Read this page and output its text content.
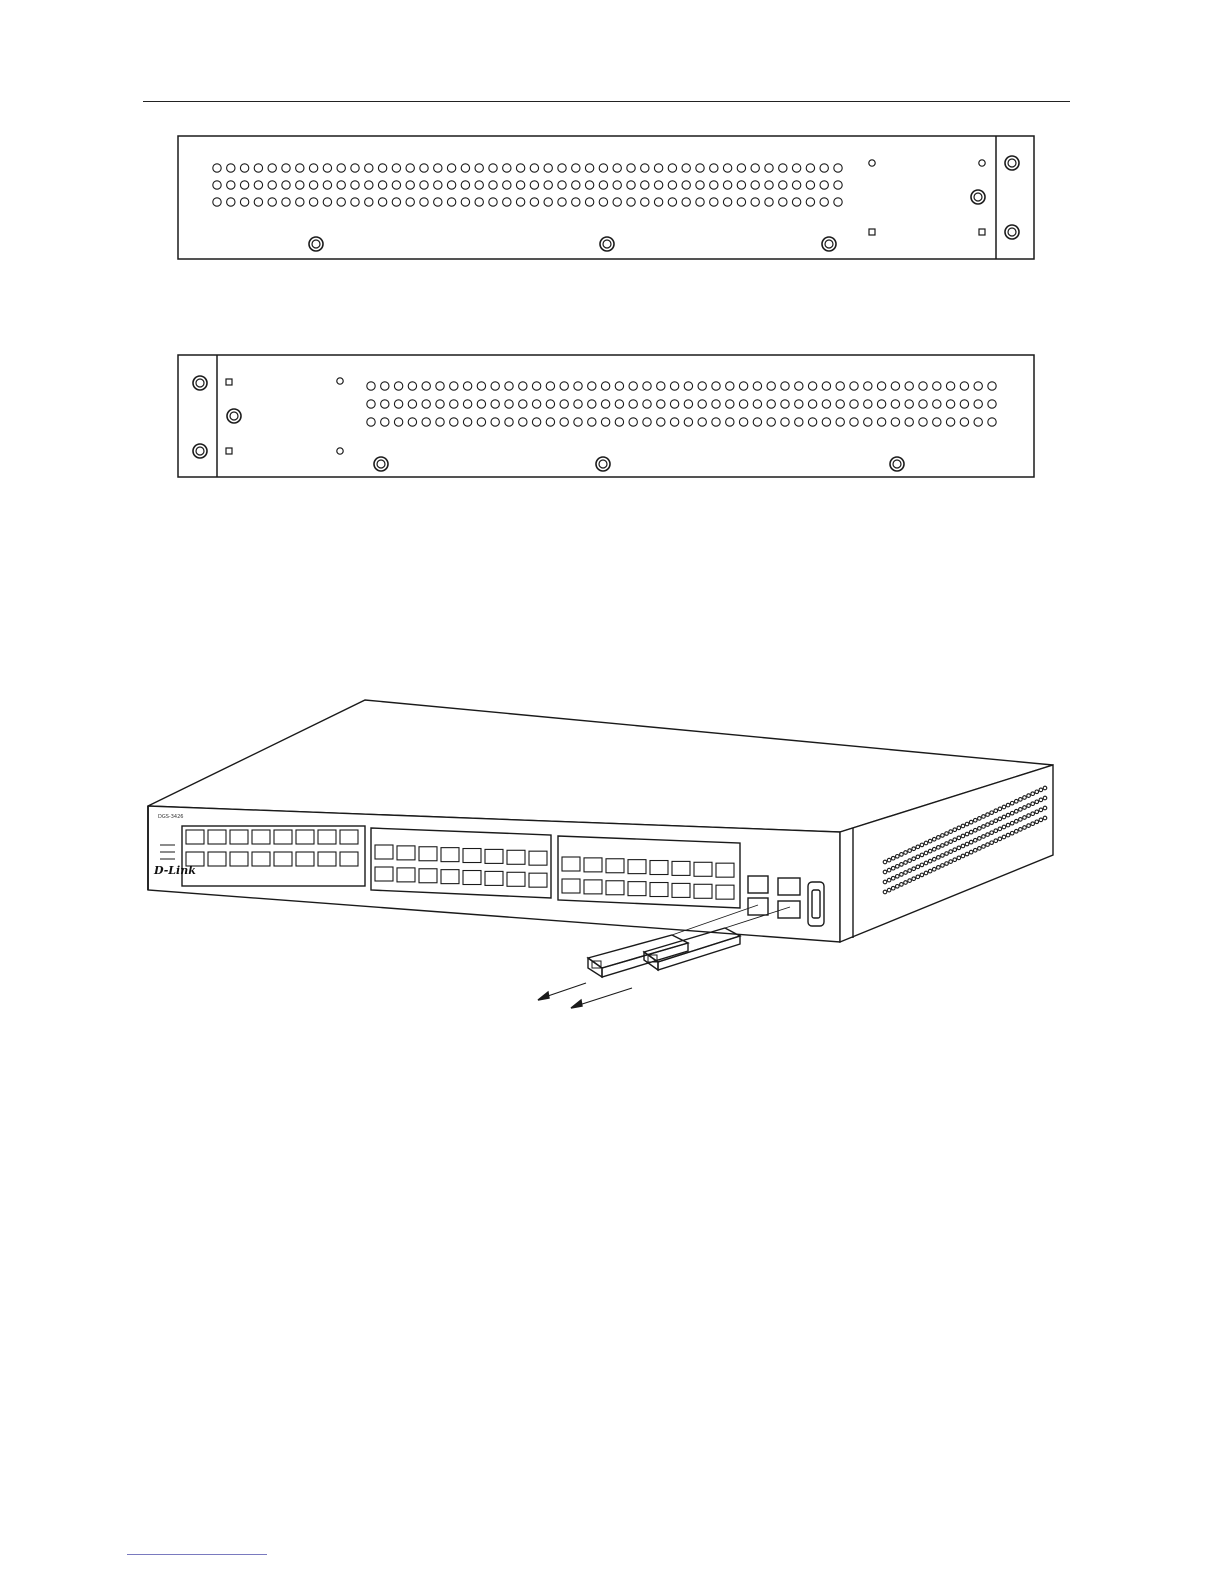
DGS-3426
D-Link
